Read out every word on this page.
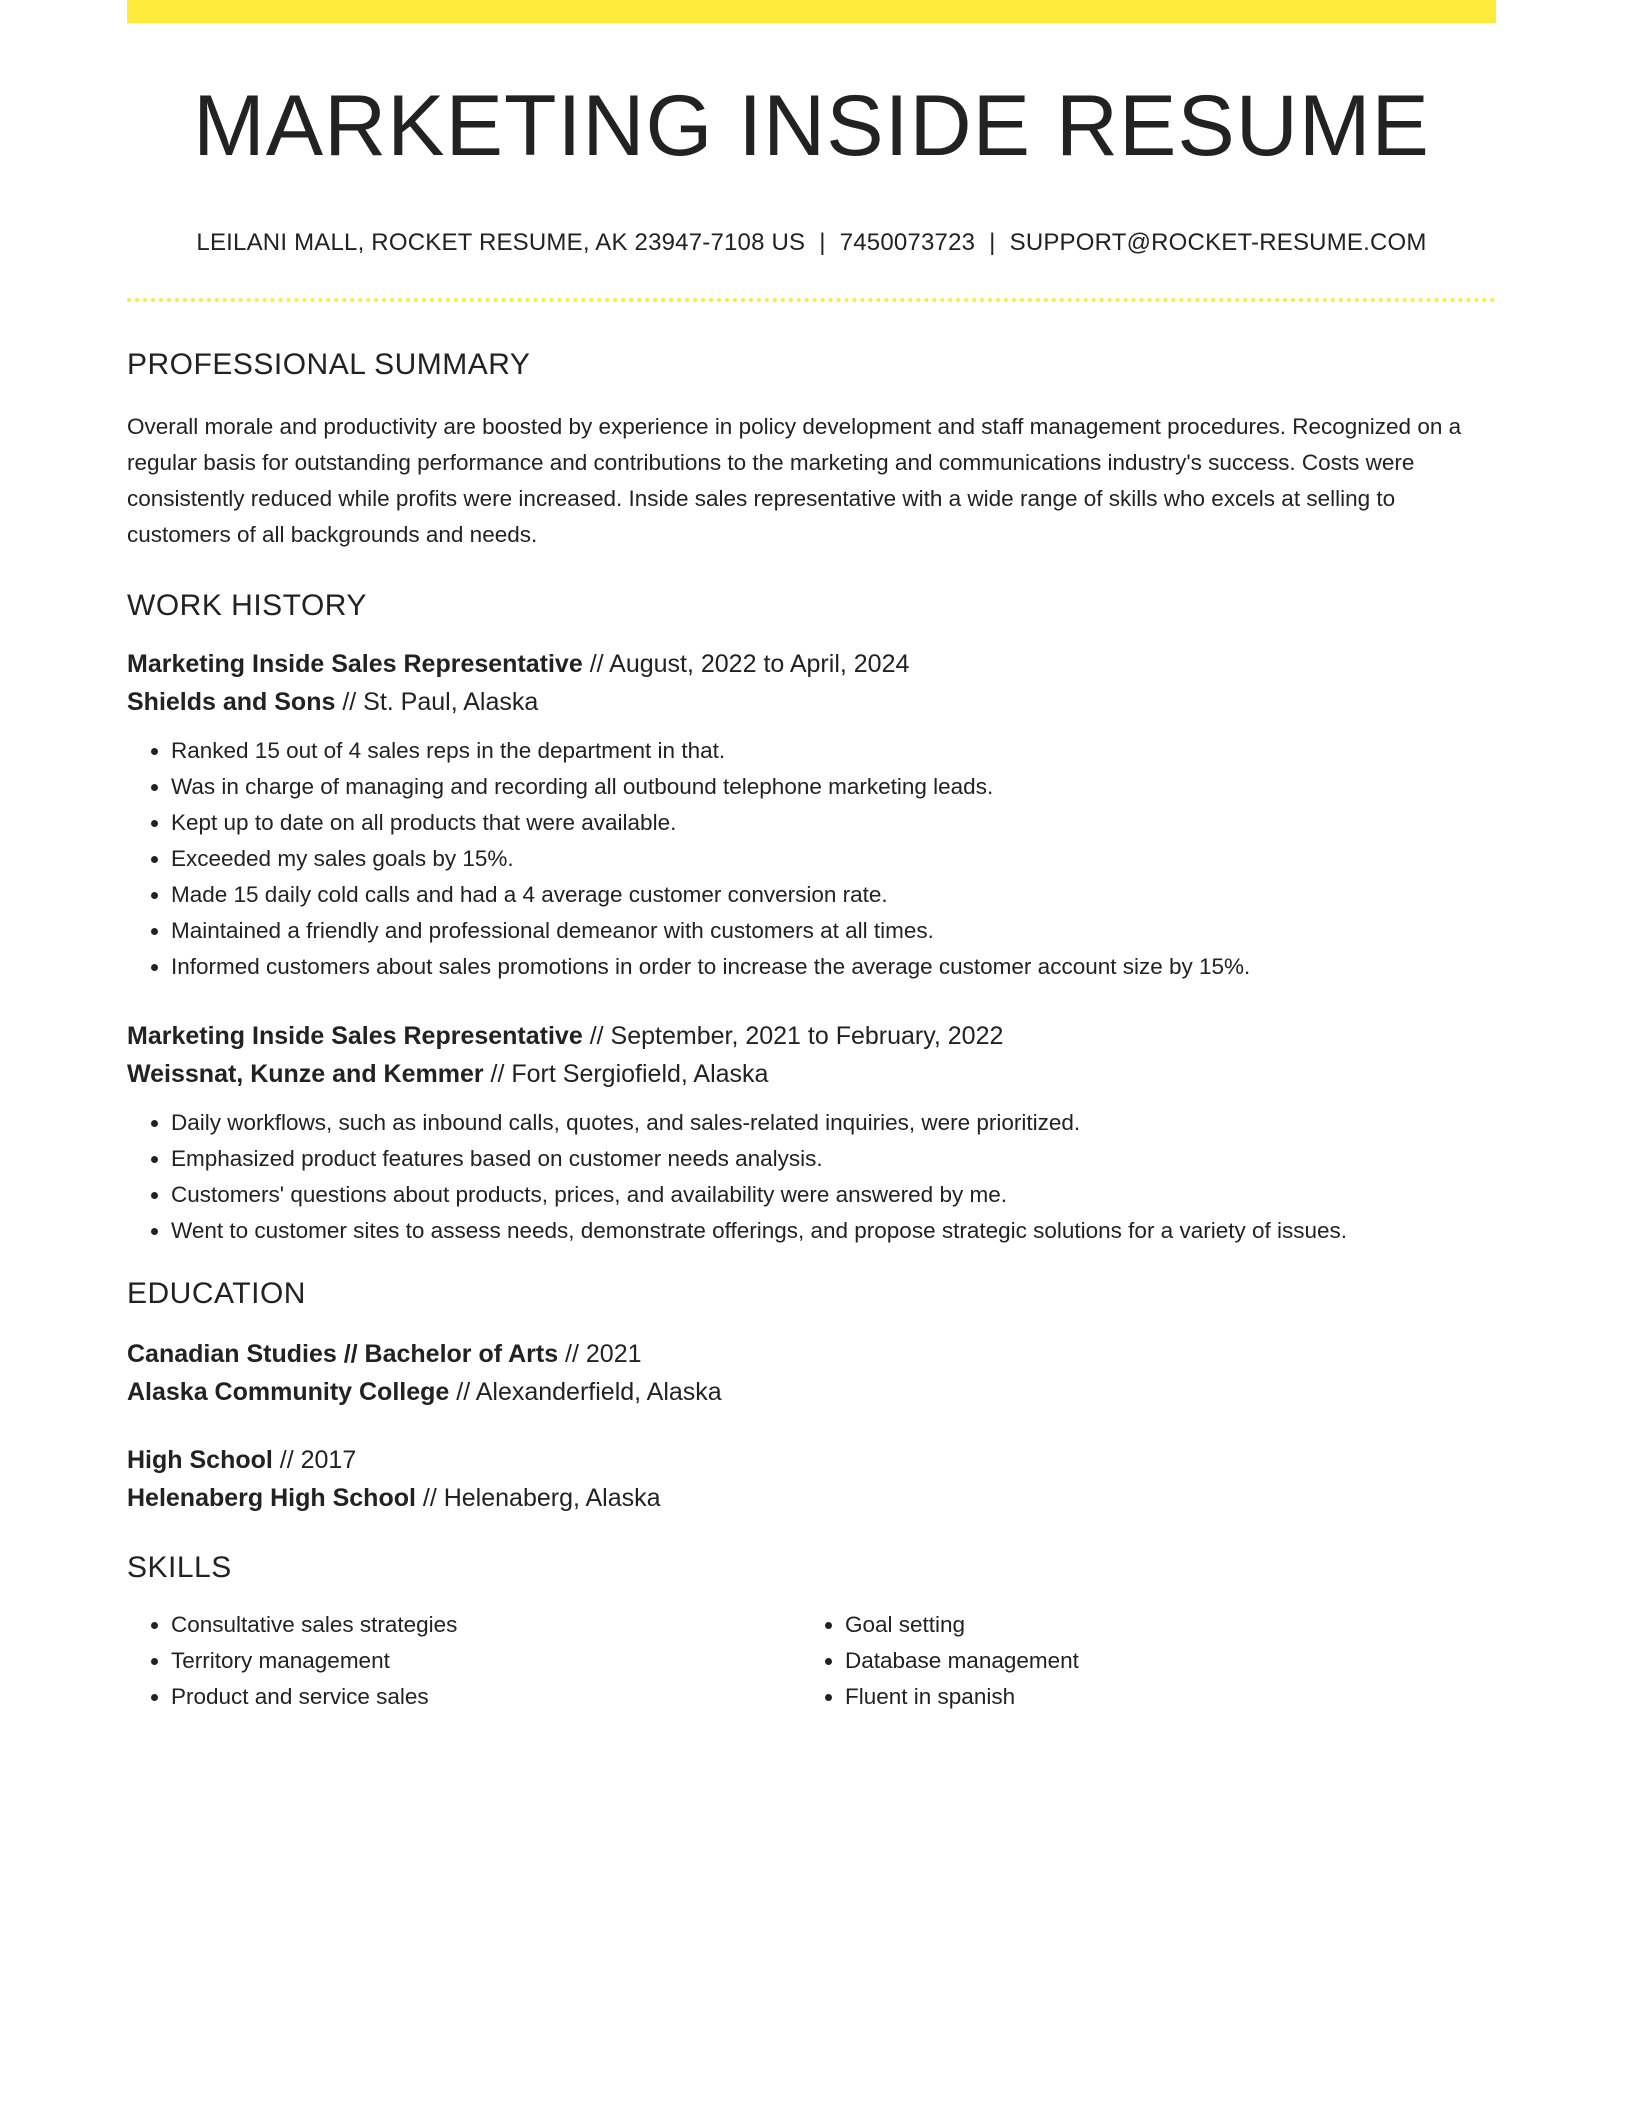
MARKETING INSIDE RESUME
LEILANI MALL, ROCKET RESUME, AK 23947-7108 US | 7450073723 | SUPPORT@ROCKET-RESUME.COM
PROFESSIONAL SUMMARY
Overall morale and productivity are boosted by experience in policy development and staff management procedures. Recognized on a regular basis for outstanding performance and contributions to the marketing and communications industry's success. Costs were consistently reduced while profits were increased. Inside sales representative with a wide range of skills who excels at selling to customers of all backgrounds and needs.
WORK HISTORY
Marketing Inside Sales Representative // August, 2022 to April, 2024
Shields and Sons // St. Paul, Alaska
• Ranked 15 out of 4 sales reps in the department in that.
• Was in charge of managing and recording all outbound telephone marketing leads.
• Kept up to date on all products that were available.
• Exceeded my sales goals by 15%.
• Made 15 daily cold calls and had a 4 average customer conversion rate.
• Maintained a friendly and professional demeanor with customers at all times.
• Informed customers about sales promotions in order to increase the average customer account size by 15%.
Marketing Inside Sales Representative // September, 2021 to February, 2022
Weissnat, Kunze and Kemmer // Fort Sergiofield, Alaska
• Daily workflows, such as inbound calls, quotes, and sales-related inquiries, were prioritized.
• Emphasized product features based on customer needs analysis.
• Customers' questions about products, prices, and availability were answered by me.
• Went to customer sites to assess needs, demonstrate offerings, and propose strategic solutions for a variety of issues.
EDUCATION
Canadian Studies // Bachelor of Arts // 2021
Alaska Community College // Alexanderfield, Alaska
High School // 2017
Helenaberg High School // Helenaberg, Alaska
SKILLS
• Consultative sales strategies
• Territory management
• Product and service sales
• Goal setting
• Database management
• Fluent in spanish
